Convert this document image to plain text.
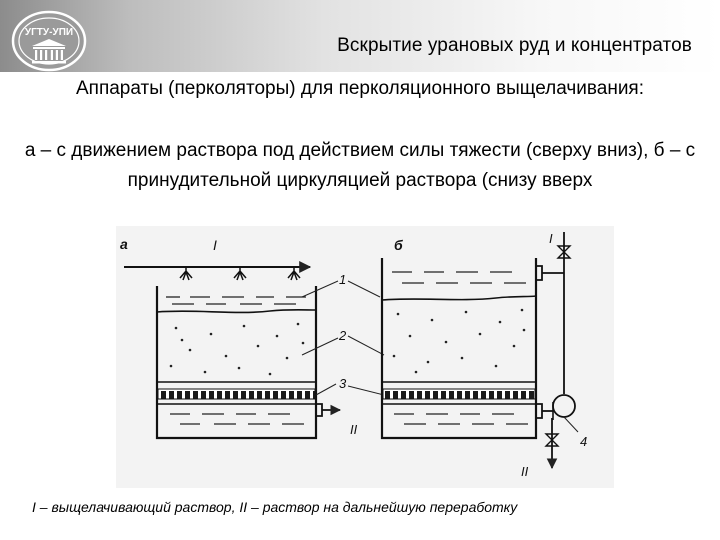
УГТУ-УПИ
Вскрытие урановых руд и концентратов
Аппараты (перколяторы) для перколяционного выщелачивания:
а – с движением раствора под действием силы тяжести (сверху вниз), б – с принудительной циркуляцией раствора (снизу вверх
a	I
II
1
2
3
б	I
4
II
I – выщелачивающий раствор, II – раствор на дальнейшую переработку
